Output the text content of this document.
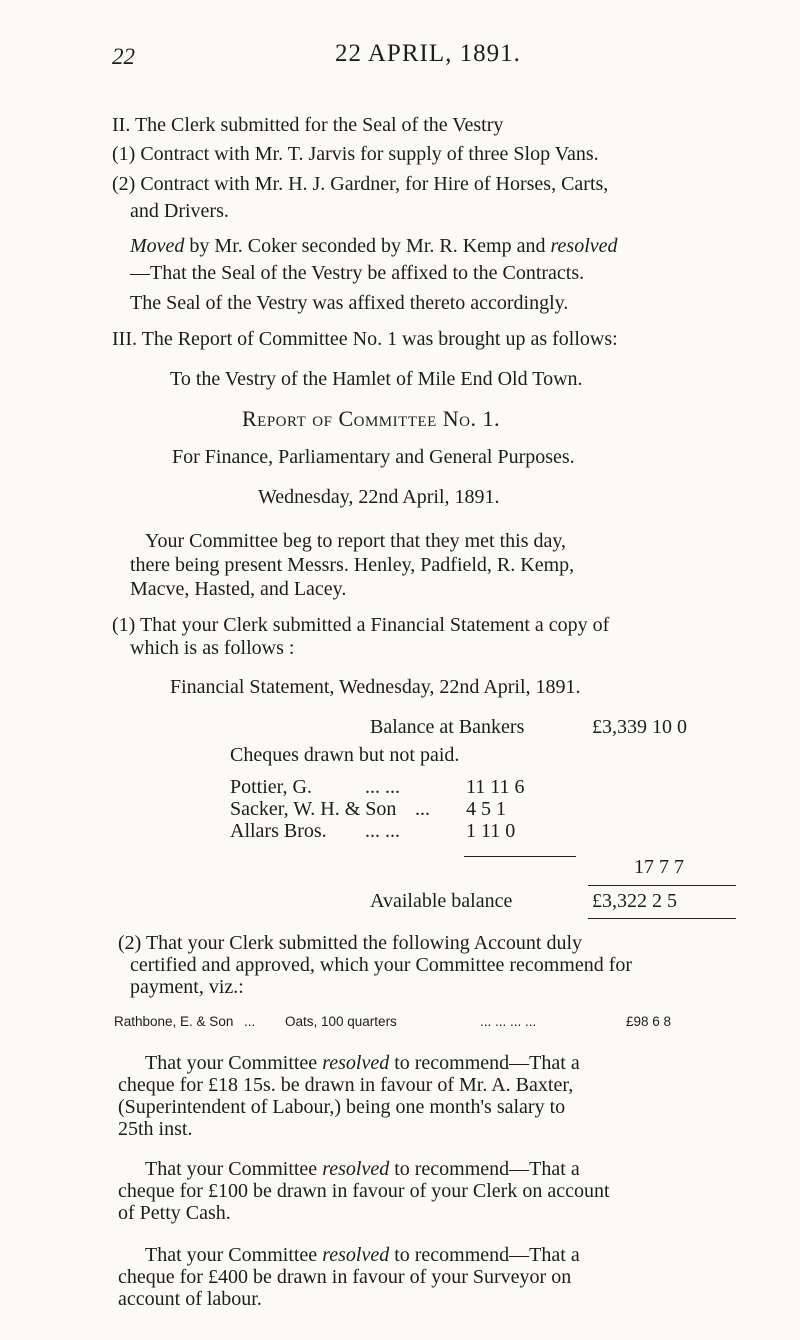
22	22 APRIL, 1891.
II. The Clerk submitted for the Seal of the Vestry
(1) Contract with Mr. T. Jarvis for supply of three Slop Vans.
(2) Contract with Mr. H. J. Gardner, for Hire of Horses, Carts,
and Drivers.
Moved by Mr. Coker seconded by Mr. R. Kemp and resolved
—That the Seal of the Vestry be affixed to the Contracts.
The Seal of the Vestry was affixed thereto accordingly.
III. The Report of Committee No. 1 was brought up as follows:
To the Vestry of the Hamlet of Mile End Old Town.
Report of Committee No. 1.
For Finance, Parliamentary and General Purposes.
Wednesday, 22nd April, 1891.
Your Committee beg to report that they met this day,
there being present Messrs. Henley, Padfield, R. Kemp,
Macve, Hasted, and Lacey.
(1) That your Clerk submitted a Financial Statement a copy of
which is as follows :
Financial Statement, Wednesday, 22nd April, 1891.
Balance at Bankers	£3,339 10 0
Cheques drawn but not paid.
Pottier, G.	... ...	11 11 6
Sacker, W. H. & Son ... 4 5 1
Allars Bros. ... ...	1 11 0
17 7 7
Available balance	£3,322 2 5
(2) That your Clerk submitted the following Account duly
certified and approved, which your Committee recommend for
payment, viz.:
Rathbone, E. & Son ... Oats, 100 quarters	... ... ... ...	£98 6 8
That your Committee resolved to recommend—That a
cheque for £18 15s. be drawn in favour of Mr. A. Baxter,
(Superintendent of Labour,) being one month's salary to
25th inst.
That your Committee resolved to recommend—That a
cheque for £100 be drawn in favour of your Clerk on account
of Petty Cash.
That your Committee resolved to recommend—That a
cheque for £400 be drawn in favour of your Surveyor on
account of labour.
